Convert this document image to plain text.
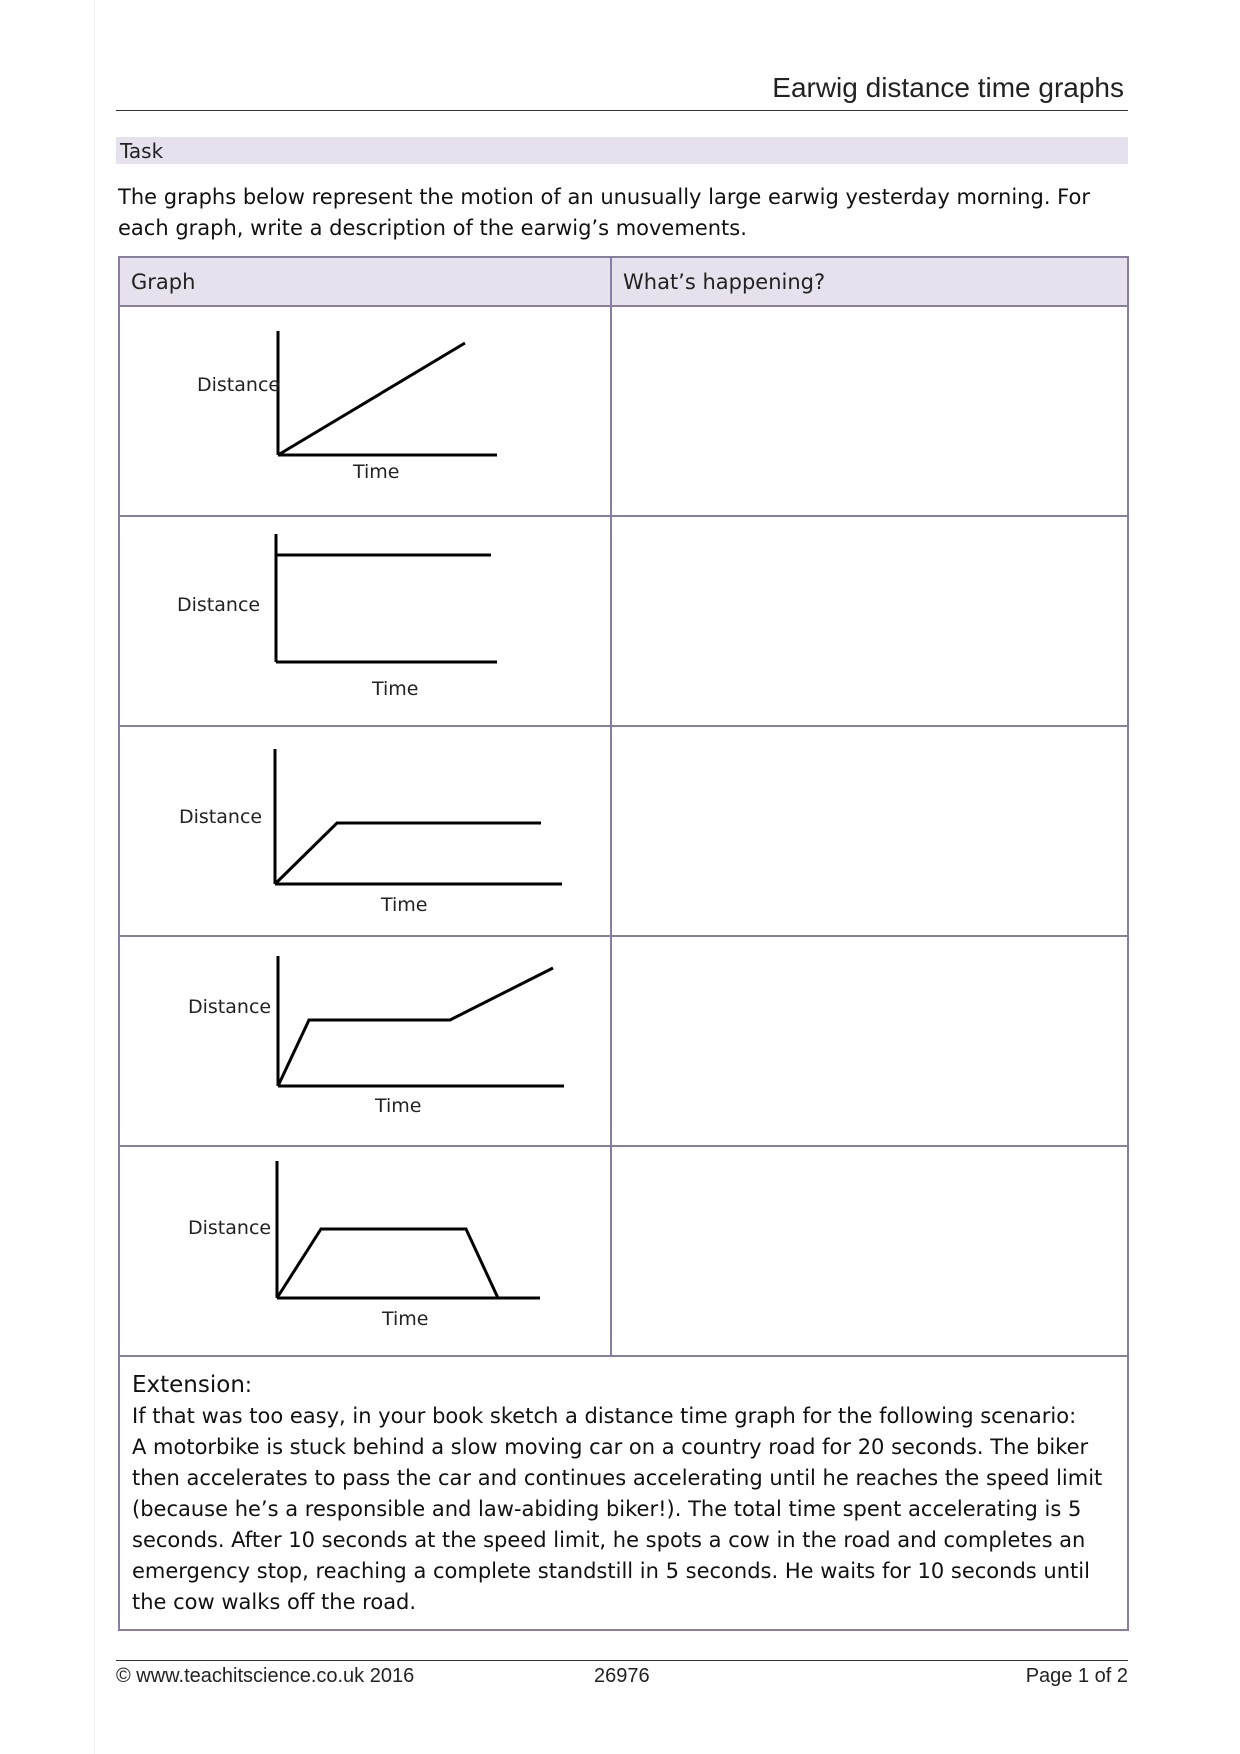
Earwig distance time graphs
Task
The graphs below represent the motion of an unusually large earwig yesterday morning. For each graph, write a description of the earwig’s movements.
Graph	What’s happening?

Distance
Time	

Distance
Time	

Distance
Time	

Distance
Time	

Distance
Time	

Extension:
If that was too easy, in your book sketch a distance time graph for the following scenario:
A motorbike is stuck behind a slow moving car on a country road for 20 seconds. The biker then accelerates to pass the car and continues accelerating until he reaches the speed limit (because he’s a responsible and law-abiding biker!). The total time spent accelerating is 5 seconds. After 10 seconds at the speed limit, he spots a cow in the road and completes an emergency stop, reaching a complete standstill in 5 seconds. He waits for 10 seconds until the cow walks off the road.	
© www.teachitscience.co.uk 2016	26976	Page 1 of 2
